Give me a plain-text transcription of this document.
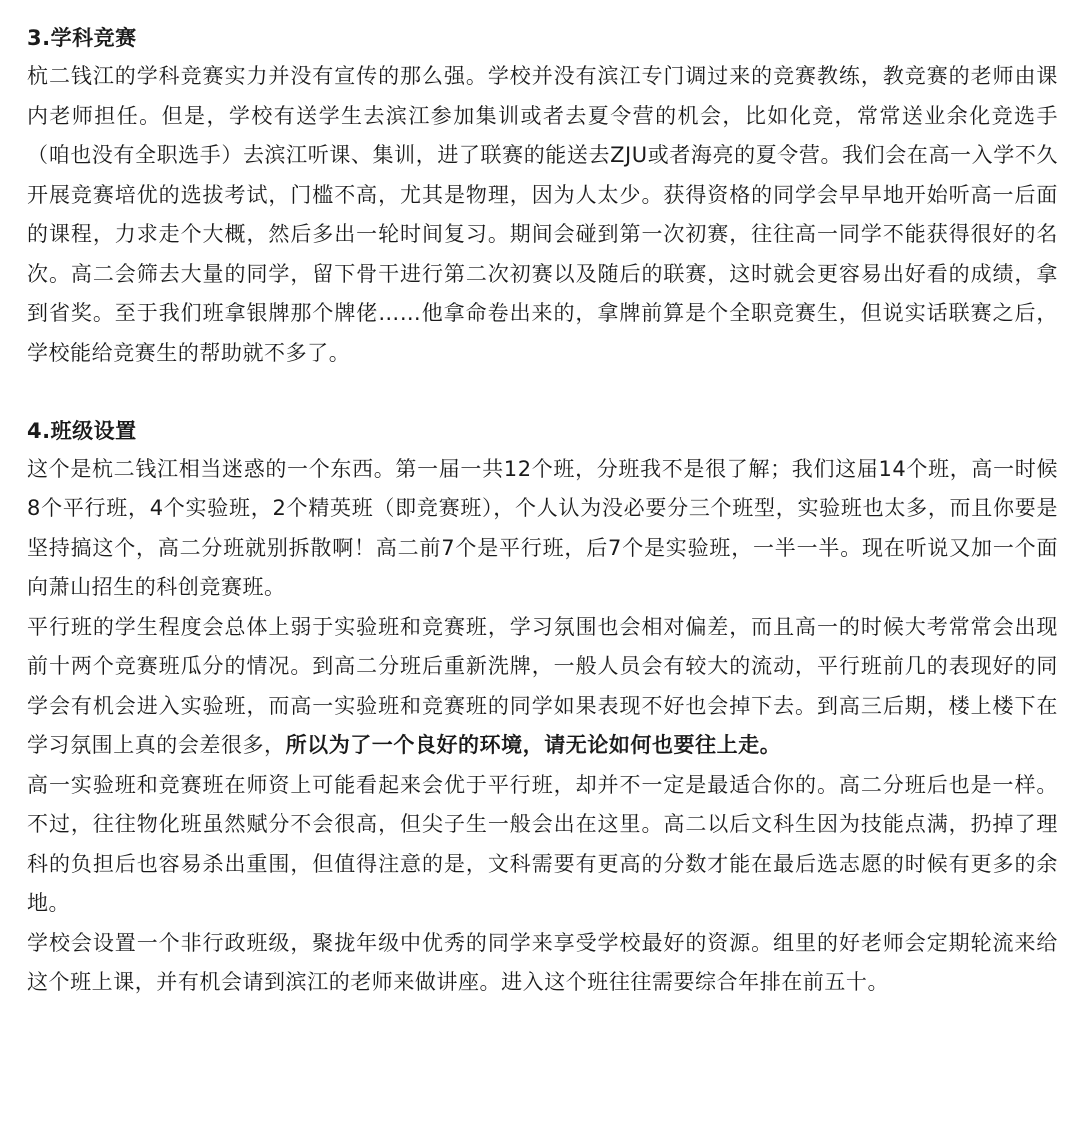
3.学科竞赛

杭二钱江的学科竞赛实力并没有宣传的那么强。学校并没有滨江专门调过来的竞赛教练，教竞赛的老师由课内老师担任。但是，学校有送学生去滨江参加集训或者去夏令营的机会，比如化竞，常常送业余化竞选手（咱也没有全职选手）去滨江听课、集训，进了联赛的能送去ZJU或者海亮的夏令营。我们会在高一入学不久开展竞赛培优的选拔考试，门槛不高，尤其是物理，因为人太少。获得资格的同学会早早地开始听高一后面的课程，力求走个大概，然后多出一轮时间复习。期间会碰到第一次初赛，往往高一同学不能获得很好的名次。高二会筛去大量的同学，留下骨干进行第二次初赛以及随后的联赛，这时就会更容易出好看的成绩，拿到省奖。至于我们班拿银牌那个牌佬……他拿命卷出来的，拿牌前算是个全职竞赛生，但说实话联赛之后，学校能给竞赛生的帮助就不多了。

4.班级设置

这个是杭二钱江相当迷惑的一个东西。第一届一共12个班，分班我不是很了解；我们这届14个班，高一时候8个平行班，4个实验班，2个精英班（即竞赛班），个人认为没必要分三个班型，实验班也太多，而且你要是坚持搞这个，高二分班就别拆散啊！高二前7个是平行班，后7个是实验班，一半一半。现在听说又加一个面向萧山招生的科创竞赛班。

平行班的学生程度会总体上弱于实验班和竞赛班，学习氛围也会相对偏差，而且高一的时候大考常常会出现前十两个竞赛班瓜分的情况。到高二分班后重新洗牌，一般人员会有较大的流动，平行班前几的表现好的同学会有机会进入实验班，而高一实验班和竞赛班的同学如果表现不好也会掉下去。到高三后期，楼上楼下在学习氛围上真的会差很多，所以为了一个良好的环境，请无论如何也要往上走。

高一实验班和竞赛班在师资上可能看起来会优于平行班，却并不一定是最适合你的。高二分班后也是一样。不过，往往物化班虽然赋分不会很高，但尖子生一般会出在这里。高二以后文科生因为技能点满，扔掉了理科的负担后也容易杀出重围，但值得注意的是，文科需要有更高的分数才能在最后选志愿的时候有更多的余地。

学校会设置一个非行政班级，聚拢年级中优秀的同学来享受学校最好的资源。组里的好老师会定期轮流来给这个班上课，并有机会请到滨江的老师来做讲座。进入这个班往往需要综合年排在前五十。
